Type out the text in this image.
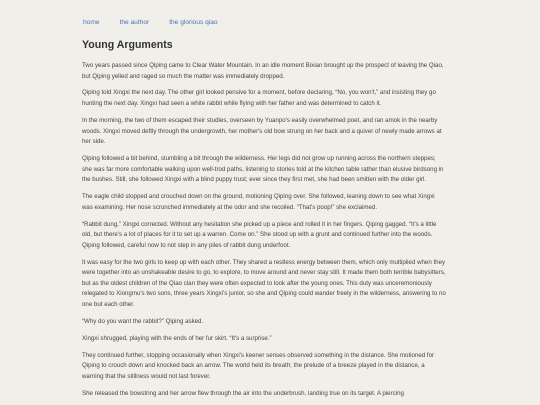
home	the author	the glorious qiao
Young Arguments

Two years passed since Qiping came to Clear Water Mountain. In an idle moment Bixian brought up the prospect of leaving the Qiao, but Qiping yelled and raged so much the matter was immediately dropped.

Qiping told Xingxi the next day. The other girl looked pensive for a moment, before declaring, “No, you won't,” and insisting they go hunting the next day. Xingxi had seen a white rabbit while flying with her father and was determined to catch it.

In the morning, the two of them escaped their studies, overseen by Yuanpo's easily overwhelmed poet, and ran amok in the nearby woods. Xingxi moved deftly through the undergrowth, her mother's old bow strung on her back and a quiver of newly made arrows at her side.

Qiping followed a bit behind, stumbling a bit through the wilderness. Her legs did not grow up running across the northern steppes; she was far more comfortable walking upon well-trod paths, listening to stories told at the kitchen table rather than elusive birdsong in the bushes. Still, she followed Xingxi with a blind puppy trust; ever since they first met, she had been smitten with the older girl.

The eagle child stopped and crouched down on the ground, motioning Qiping over. She followed, leaning down to see what Xingxi was examining. Her nose scrunched immediately at the odor and she recoiled. “That's poop!” she exclaimed.

“Rabbit dung,” Xingxi corrected. Without any hesitation she picked up a piece and rolled it in her fingers. Qiping gagged. “It's a little old, but there's a lot of places for it to set up a warren. Come on.” She stood up with a grunt and continued further into the woods. Qiping followed, careful now to not step in any piles of rabbit dung underfoot.

It was easy for the two girls to keep up with each other. They shared a restless energy between them, which only multiplied when they were together into an unshakeable desire to go, to explore, to move around and never stay still. It made them both terrible babysitters, but as the oldest children of the Qiao clan they were often expected to look after the young ones. This duty was unceremoniously relegated to Xiongmu's two sons, three years Xingxi's junior, so she and Qiping could wander freely in the wilderness, answering to no one but each other.

“Why do you want the rabbit?” Qiping asked.

Xingxi shrugged, playing with the ends of her fur skirt. “It's a surprise.”

They continued further, stopping occasionally when Xingxi's keener senses observed something in the distance. She motioned for Qiping to crouch down and knocked back an arrow. The world held its breath; the prelude of a breeze played in the distance, a warning that the stillness would not last forever.

She released the bowstring and her arrow flew through the air into the underbrush, landing true on its target. A piercing
